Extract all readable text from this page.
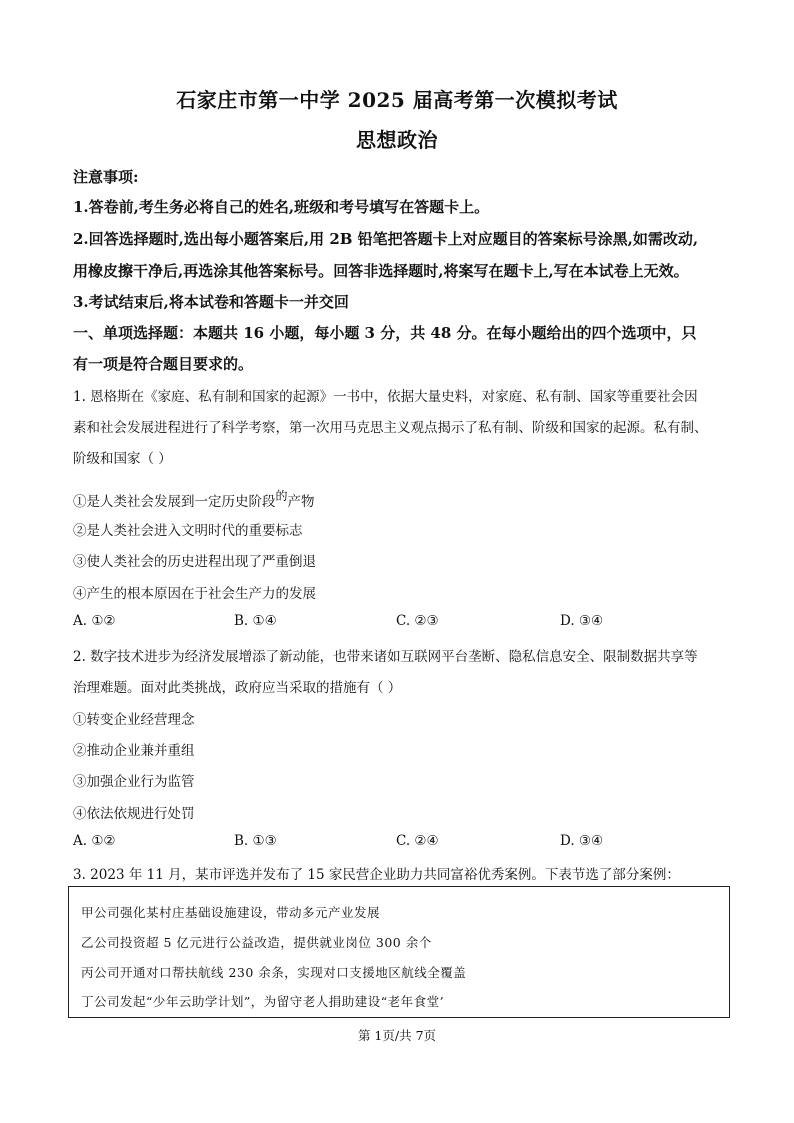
石家庄市第一中学 2025 届高考第一次模拟考试
思想政治
注意事项:
1.答卷前,考生务必将自己的姓名,班级和考号填写在答题卡上。
2.回答选择题时,选出每小题答案后,用 2B 铅笔把答题卡上对应题目的答案标号涂黑,如需改动,
用橡皮擦干净后,再选涂其他答案标号。回答非选择题时,将案写在题卡上,写在本试卷上无效。
3.考试结束后,将本试卷和答题卡一并交回
一、单项选择题：本题共 16 小题，每小题 3 分，共 48 分。在每小题给出的四个选项中，只
有一项是符合题目要求的。
1. 恩格斯在《家庭、私有制和国家的起源》一书中，依据大量史料，对家庭、私有制、国家等重要社会因
素和社会发展进程进行了科学考察，第一次用马克思主义观点揭示了私有制、阶级和国家的起源。私有制、
阶级和国家（ ）
①是人类社会发展到一定历史阶段$^的$产物
②是人类社会进入文明时代的重要标志
③使人类社会的历史进程出现了严重倒退
④产生的根本原因在于社会生产力的发展
A. ①②	B. ①④	C. ②③	D. ③④
2. 数字技术进步为经济发展增添了新动能，也带来诸如互联网平台垄断、隐私信息安全、限制数据共享等
治理难题。面对此类挑战，政府应当采取的措施有（ ）
①转变企业经营理念
②推动企业兼并重组
③加强企业行为监管
④依法依规进行处罚
A. ①②	B. ①③	C. ②④	D. ③④
3. 2023 年 11 月，某市评选并发布了 15 家民营企业助力共同富裕优秀案例。下表节选了部分案例：
甲公司强化某村庄基础设施建设，带动多元产业发展
乙公司投资超 5 亿元进行公益改造，提供就业岗位 300 余个
丙公司开通对口帮扶航线 230 余条，实现对口支援地区航线全覆盖
丁公司发起“少年云助学计划”，为留守老人捐助建设“老年食堂’
第 1页/共 7页
